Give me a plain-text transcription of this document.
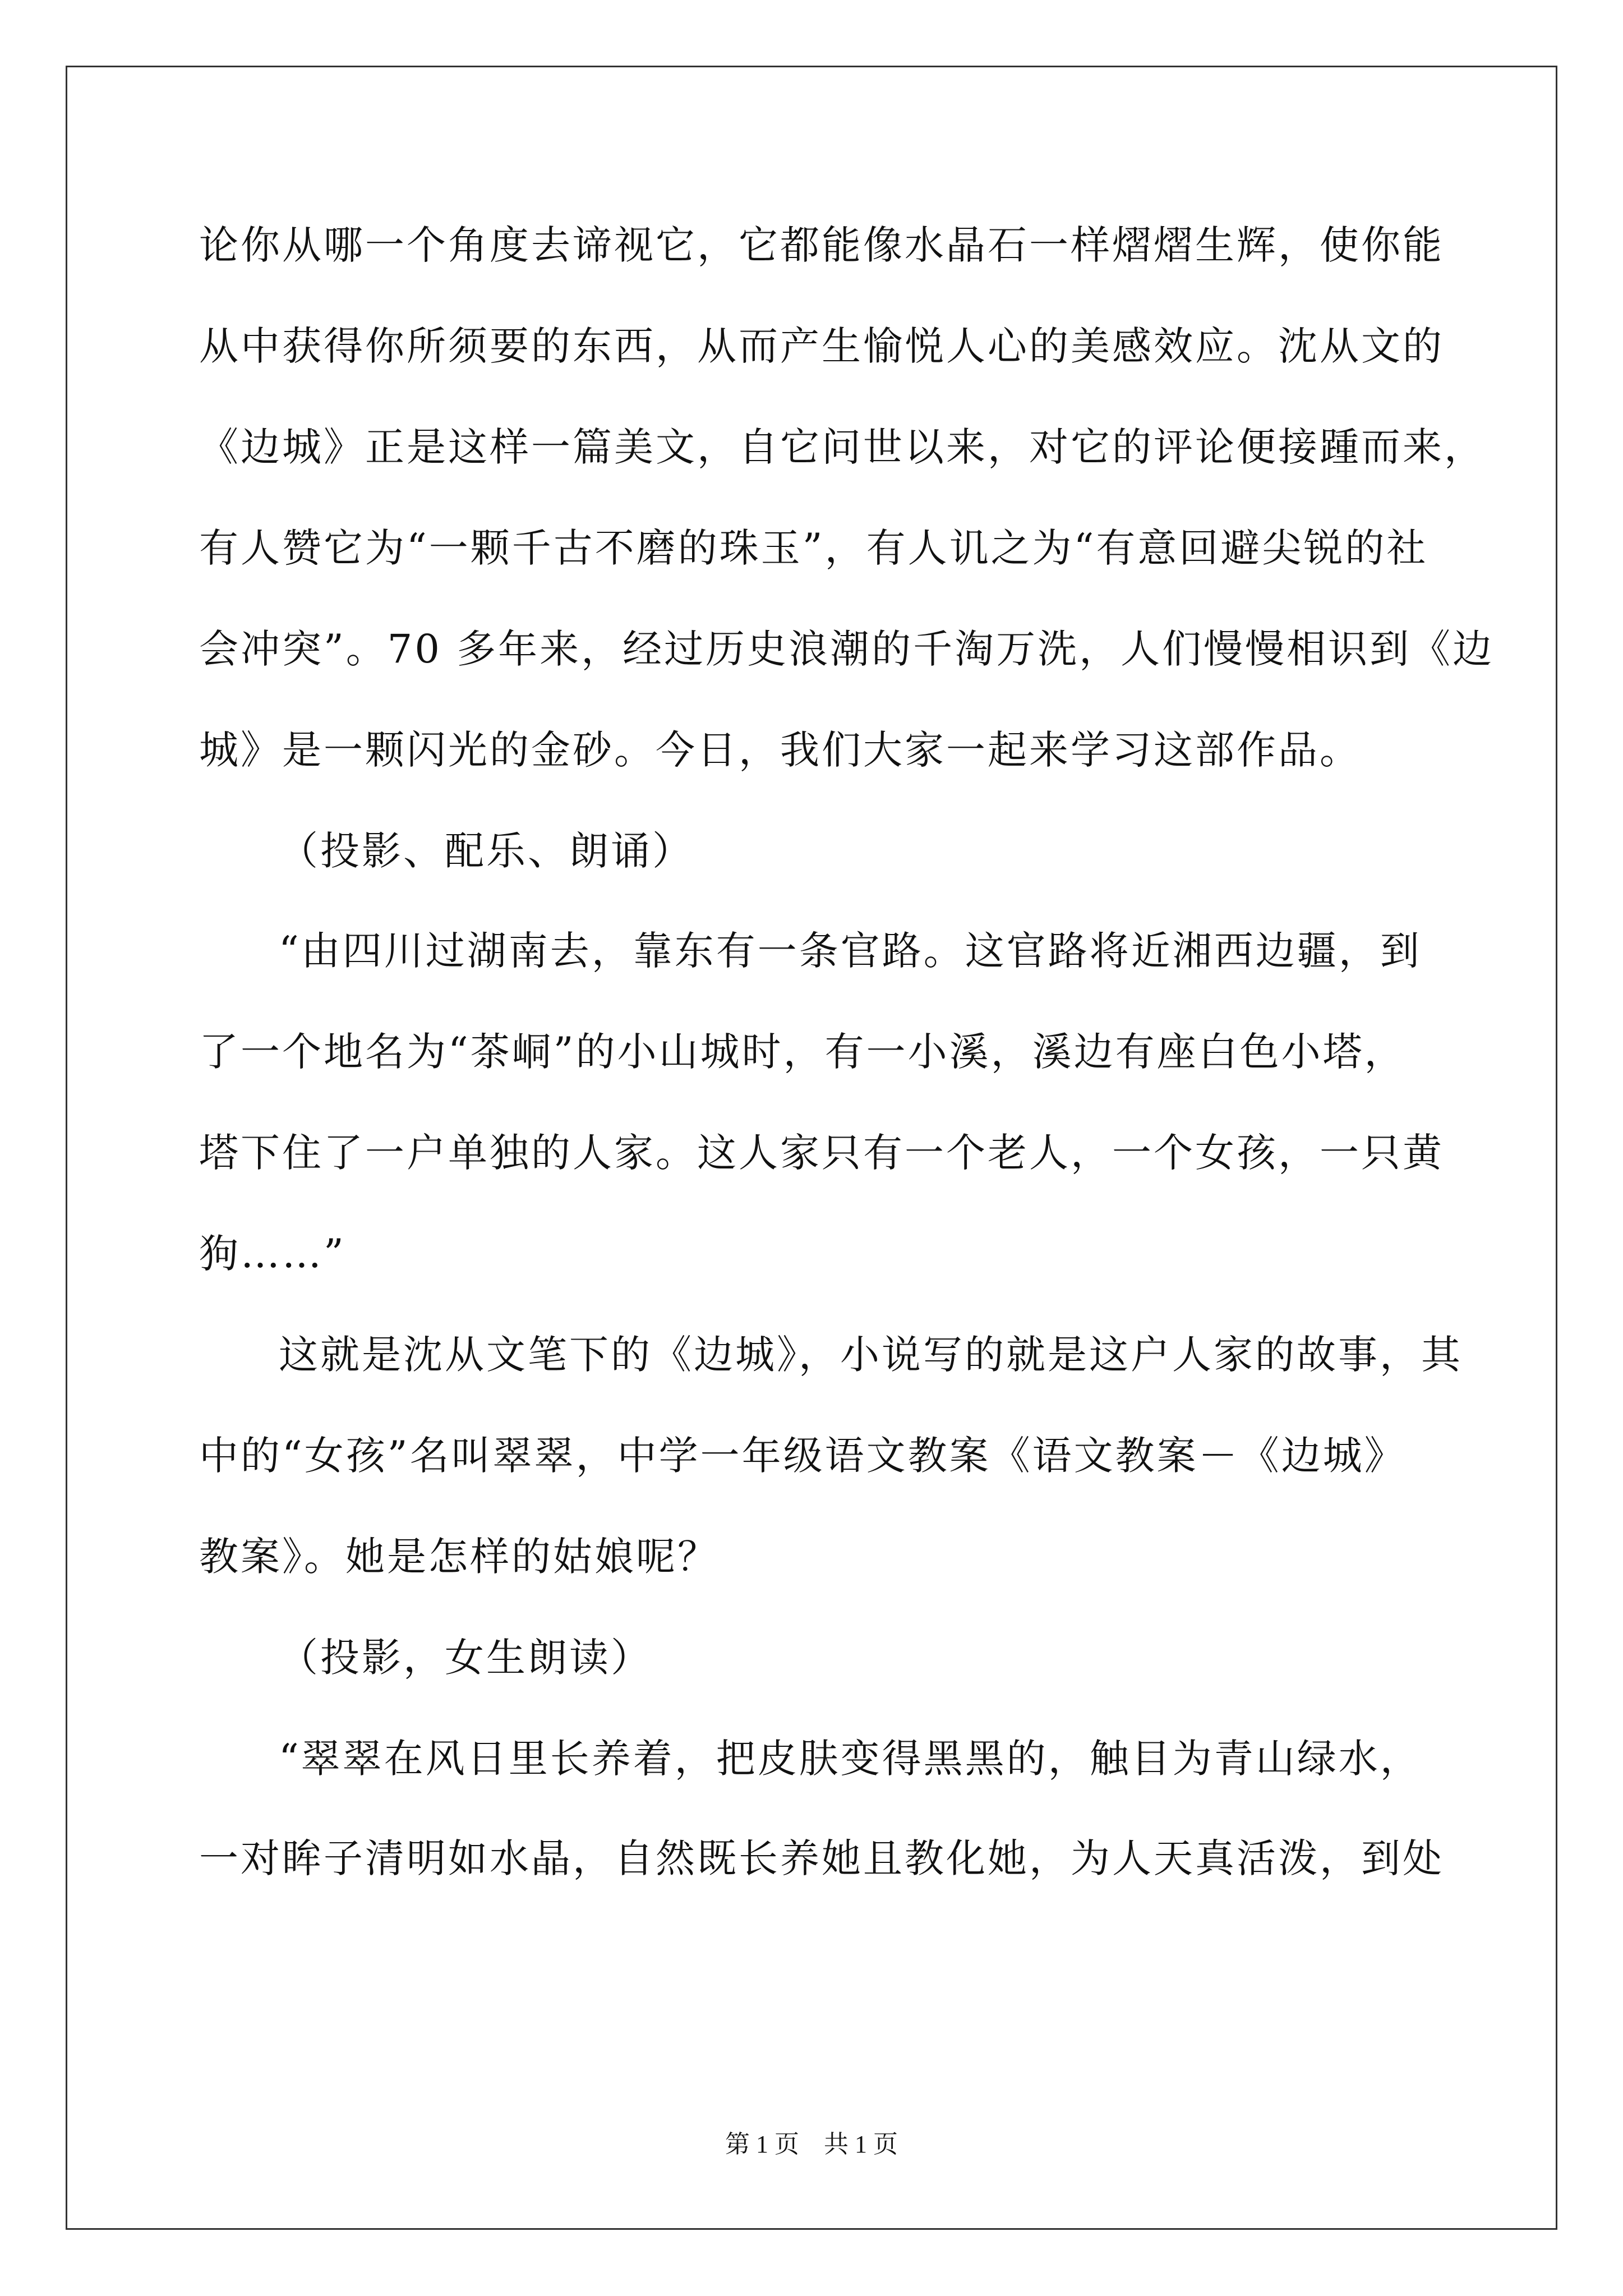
论你从哪一个角度去谛视它，它都能像水晶石一样熠熠生辉，使你能
从中获得你所须要的东西，从而产生愉悦人心的美感效应。沈从文的
《边城》正是这样一篇美文，自它问世以来，对它的评论便接踵而来，
有人赞它为“一颗千古不磨的珠玉”，有人讥之为“有意回避尖锐的社
会冲突”。70 多年来，经过历史浪潮的千淘万洗，人们慢慢相识到《边
城》是一颗闪光的金砂。今日，我们大家一起来学习这部作品。
（投影、配乐、朗诵）
“由四川过湖南去，靠东有一条官路。这官路将近湘西边疆，到
了一个地名为“茶峒”的小山城时，有一小溪，溪边有座白色小塔，
塔下住了一户单独的人家。这人家只有一个老人，一个女孩，一只黄
狗……”
这就是沈从文笔下的《边城》，小说写的就是这户人家的故事，其
中的“女孩”名叫翠翠，中学一年级语文教案《语文教案－《边城》
教案》。她是怎样的姑娘呢？
（投影，女生朗读）
“翠翠在风日里长养着，把皮肤变得黑黑的，触目为青山绿水，
一对眸子清明如水晶，自然既长养她且教化她，为人天真活泼，到处
第 1 页　共 1 页
